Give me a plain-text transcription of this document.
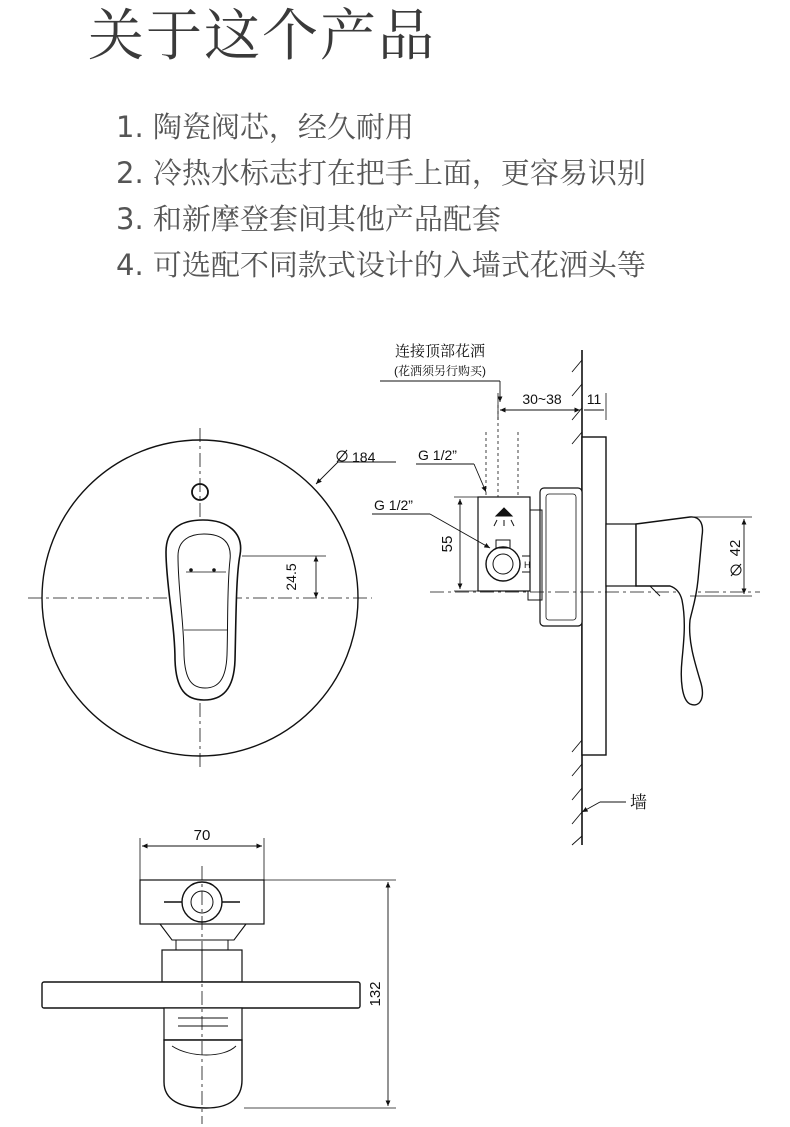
关于这个产品
1. 陶瓷阀芯，经久耐用
2. 冷热水标志打在把手上面，更容易识别
3. 和新摩登套间其他产品配套
4. 可选配不同款式设计的入墙式花洒头等
184
24.5	H
连接顶部花洒
(花洒须另行购买)
30~38 11
G 1/2”
G 1/2”
55	42
墙
70
132
